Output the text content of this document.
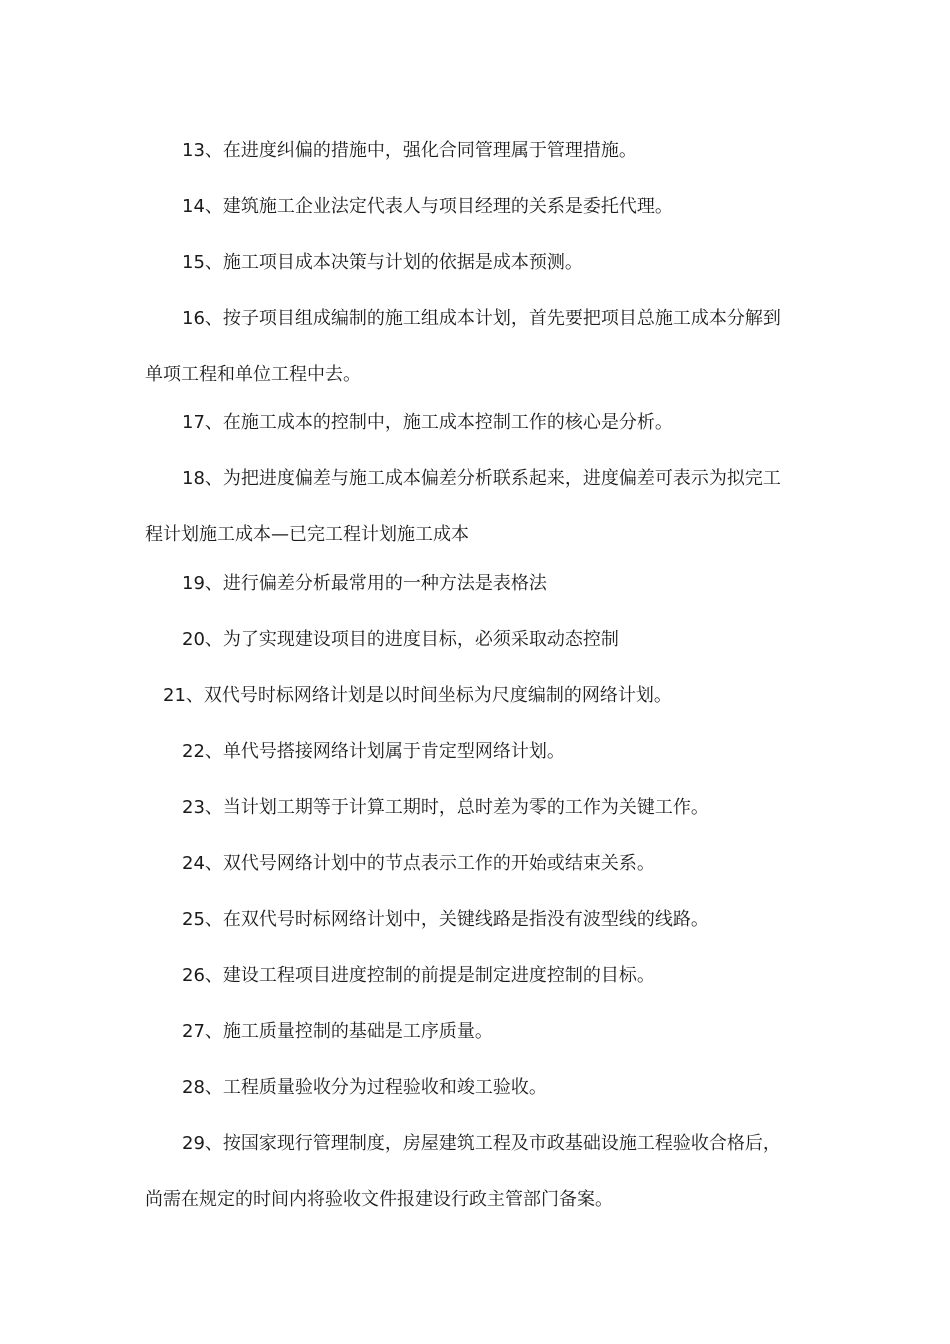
13、在进度纠偏的措施中，强化合同管理属于管理措施。

14、建筑施工企业法定代表人与项目经理的关系是委托代理。

15、施工项目成本决策与计划的依据是成本预测。

16、按子项目组成编制的施工组成本计划，首先要把项目总施工成本分解到
单项工程和单位工程中去。

17、在施工成本的控制中，施工成本控制工作的核心是分析。

18、为把进度偏差与施工成本偏差分析联系起来，进度偏差可表示为拟完工
程计划施工成本—已完工程计划施工成本

19、进行偏差分析最常用的一种方法是表格法

20、为了实现建设项目的进度目标，必须采取动态控制

21、双代号时标网络计划是以时间坐标为尺度编制的网络计划。

22、单代号搭接网络计划属于肯定型网络计划。

23、当计划工期等于计算工期时，总时差为零的工作为关键工作。

24、双代号网络计划中的节点表示工作的开始或结束关系。

25、在双代号时标网络计划中，关键线路是指没有波型线的线路。

26、建设工程项目进度控制的前提是制定进度控制的目标。

27、施工质量控制的基础是工序质量。

28、工程质量验收分为过程验收和竣工验收。

29、按国家现行管理制度，房屋建筑工程及市政基础设施工程验收合格后，
尚需在规定的时间内将验收文件报建设行政主管部门备案。
